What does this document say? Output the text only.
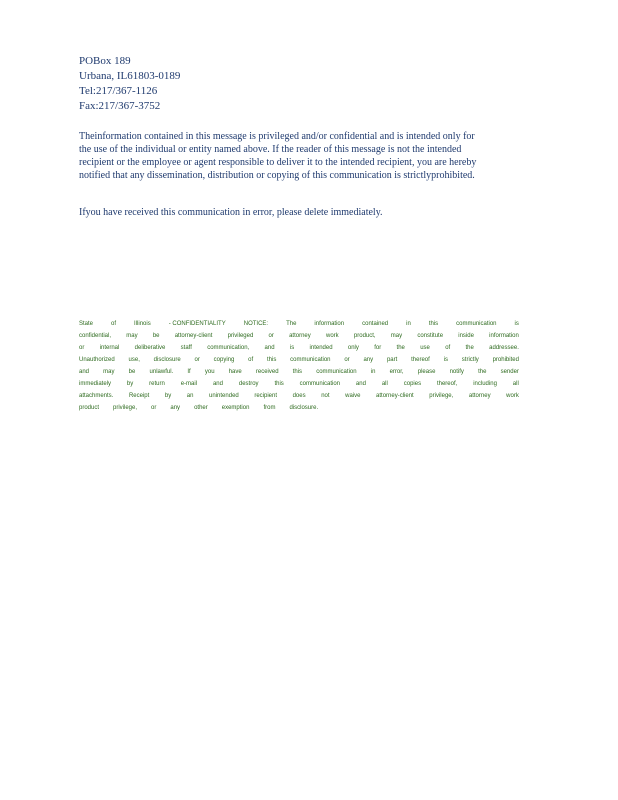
POBox 189
Urbana, IL61803-0189
Tel:217/367-1126
Fax:217/367-3752
Theinformation contained in this message is privileged and/or confidential and is intended only for
the use of the individual or entity named above. If the reader of this message is not the intended
recipient or the employee or agent responsible to deliver it to the intended recipient, you are hereby
notified that any dissemination, distribution or copying of this communication is strictlyprohibited.
Ifyou have received this communication in error, please delete immediately.
State	of	Illinois	- CONFIDENTIALITY	NOTICE:	The	information	contained	in	this	communication	is
confidential,	may	be	attorney-client	privileged	or	attorney	work	product,	may	constitute	inside	information
or	internal	deliberative	staff	communication,	and	is	intended	only	for	the	use	of	the	addressee.
Unauthorized use, disclosure or copying of this communication or any part thereof is strictly prohibited
and may be unlawful. If you have received this communication in error, please notify the sender
immediately	by	return	e-mail	and	destroy	this	communication	and	all	copies	thereof,	including	all
attachments.	Receipt	by	an	unintended	recipient	does	not	waive	attorney-client	privilege,	attorney	work
product privilege, or any other exemption from disclosure.
